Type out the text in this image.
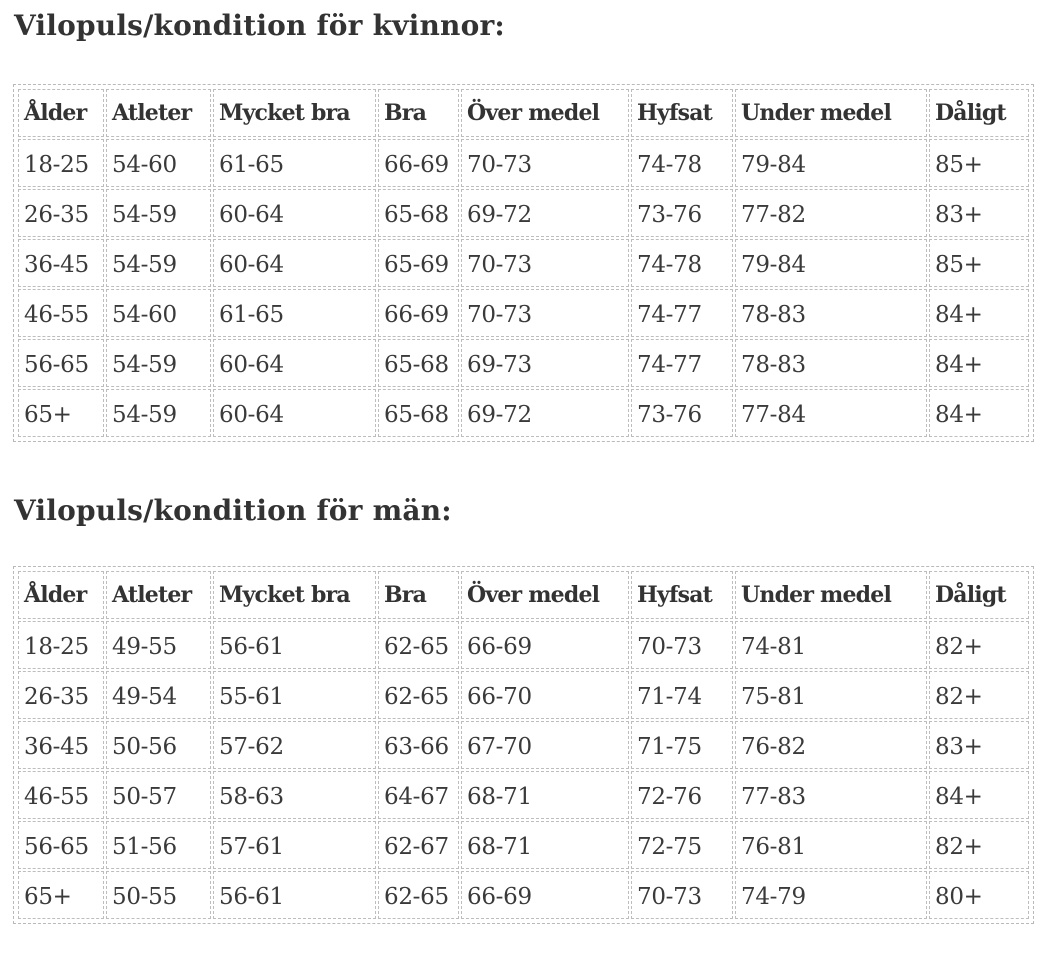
Vilopuls/kondition för kvinnor:
Ålder	Atleter	Mycket bra	Bra	Över medel	Hyfsat	Under medel	Dåligt
18-25	54-60	61-65	66-69	70-73	74-78	79-84	85+
26-35	54-59	60-64	65-68	69-72	73-76	77-82	83+
36-45	54-59	60-64	65-69	70-73	74-78	79-84	85+
46-55	54-60	61-65	66-69	70-73	74-77	78-83	84+
56-65	54-59	60-64	65-68	69-73	74-77	78-83	84+
65+	54-59	60-64	65-68	69-72	73-76	77-84	84+
Vilopuls/kondition för män:
Ålder	Atleter	Mycket bra	Bra	Över medel	Hyfsat	Under medel	Dåligt
18-25	49-55	56-61	62-65	66-69	70-73	74-81	82+
26-35	49-54	55-61	62-65	66-70	71-74	75-81	82+
36-45	50-56	57-62	63-66	67-70	71-75	76-82	83+
46-55	50-57	58-63	64-67	68-71	72-76	77-83	84+
56-65	51-56	57-61	62-67	68-71	72-75	76-81	82+
65+	50-55	56-61	62-65	66-69	70-73	74-79	80+
